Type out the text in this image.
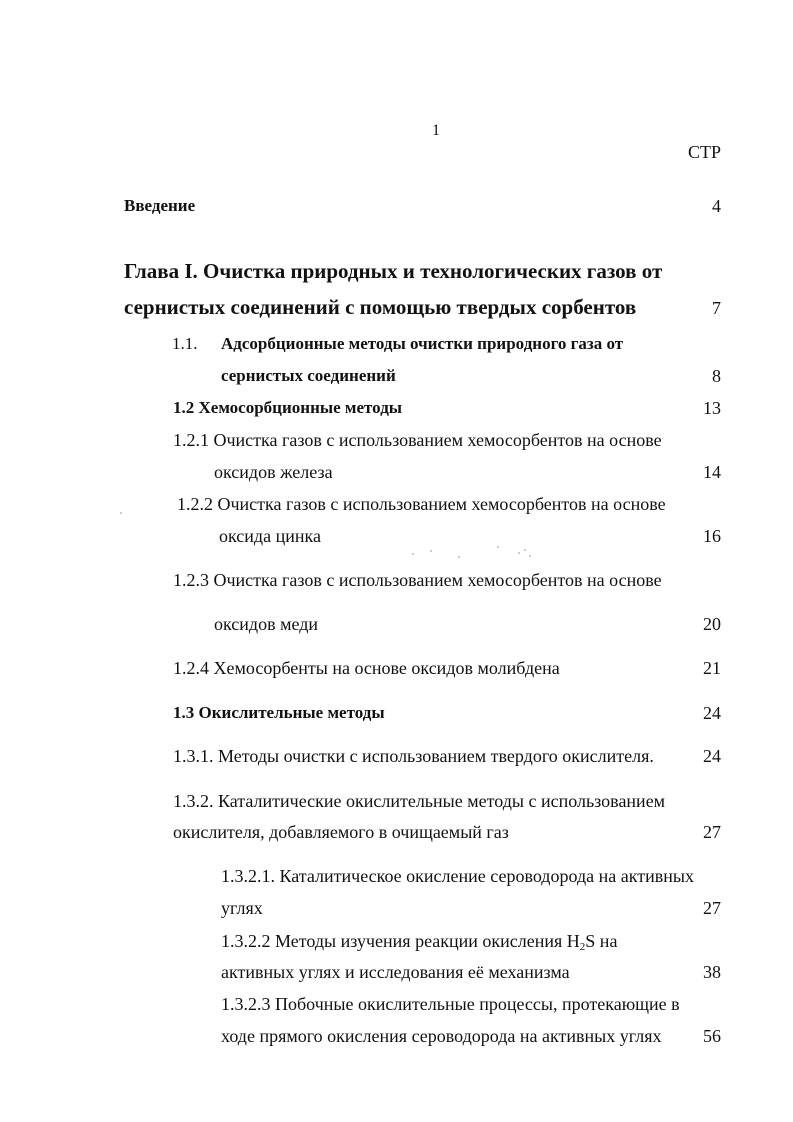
1
СТР
Введение	4
Глава I. Очистка природных и технологических газов от
сернистых соединений с помощью твердых сорбентов	7
1.1. Адсорбционные методы очистки природного газа от
сернистых соединений	8
1.2 Хемосорбционные методы	13
1.2.1 Очистка газов с использованием хемосорбентов на основе
оксидов железа	14
1.2.2 Очистка газов с использованием хемосорбентов на основе
оксида цинка	16
1.2.3 Очистка газов с использованием хемосорбентов на основе
оксидов меди	20
1.2.4 Хемосорбенты на основе оксидов молибдена	21
1.3 Окислительные методы	24
1.3.1. Методы очистки с использованием твердого окислителя.	24
1.3.2. Каталитические окислительные методы с использованием
окислителя, добавляемого в очищаемый газ	27
1.3.2.1. Каталитическое окисление сероводорода на активных
углях	27
1.3.2.2 Методы изучения реакции окисления $H_2S$ на
активных углях и исследования её механизма	38
1.3.2.3 Побочные окислительные процессы, протекающие в
ходе прямого окисления сероводорода на активных углях 56
